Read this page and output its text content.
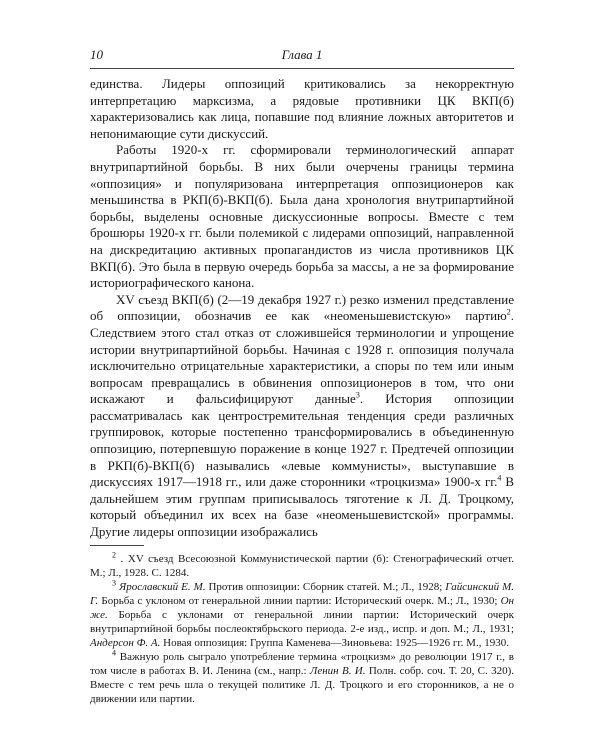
10	Глава 1

единства. Лидеры оппозиций критиковались за некорректную интерпретацию марксизма, а рядовые противники ЦК ВКП(б) характеризовались как лица, попавшие под влияние ложных авторитетов и непонимающие сути дискуссий.

Работы 1920-х гг. сформировали терминологический аппарат внутрипартийной борьбы. В них были очерчены границы термина «оппозиция» и популяризована интерпретация оппозиционеров как меньшинства в РКП(б)-ВКП(б). Была дана хронология внутрипартийной борьбы, выделены основные дискуссионные вопросы. Вместе с тем брошюры 1920-х гг. были полемикой с лидерами оппозиций, направленной на дискредитацию активных пропагандистов из числа противников ЦК ВКП(б). Это была в первую очередь борьба за массы, а не за формирование историографического канона.

XV съезд ВКП(б) (2—19 декабря 1927 г.) резко изменил представление об оппозиции, обозначив ее как «неоменьшевистскую» партию$^2$. Следствием этого стал отказ от сложившейся терминологии и упрощение истории внутрипартийной борьбы. Начиная с 1928 г. оппозиция получала исключительно отрицательные характеристики, а споры по тем или иным вопросам превращались в обвинения оппозиционеров в том, что они искажают и фальсифицируют данные$^3$. История оппозиции рассматривалась как центростремительная тенденция среди различных группировок, которые постепенно трансформировались в объединенную оппозицию, потерпевшую поражение в конце 1927 г. Предтечей оппозиции в РКП(б)-ВКП(б) назывались «левые коммунисты», выступавшие в дискуссиях 1917—1918 гг., или даже сторонники «троцкизма» 1900-х гг.$^4$ В дальнейшем этим группам приписывалось тяготение к Л. Д. Троцкому, который объединил их всех на базе «неоменьшевистской» программы. Другие лидеры оппозиции изображались

$^2$ . XV съезд Всесоюзной Коммунистической партии (б): Стенографический отчет. М.; Л., 1928. С. 1284.

$^3$ Ярославский Е. М. Против оппозиции: Сборник статей. М.; Л., 1928; Гайсинский М. Г. Борьба с уклоном от генеральной линии партии: Исторический очерк. М.; Л., 1930; Он же. Борьба с уклонами от генеральной линии партии: Исторический очерк внутрипартийной борьбы послеоктябрьского периода. 2-е изд., испр. и доп. М.; Л., 1931; Андерсон Ф. А. Новая оппозиция: Группа Каменева—Зиновьева: 1925—1926 гг. М., 1930.

$^4$ Важную роль сыграло употребление термина «троцкизм» до революции 1917 г., в том числе в работах В. И. Ленина (см., напр.: Ленин В. И. Полн. собр. соч. Т. 20, С. 320). Вместе с тем речь шла о текущей политике Л. Д. Троцкого и его сторонников, а не о движении или партии.
